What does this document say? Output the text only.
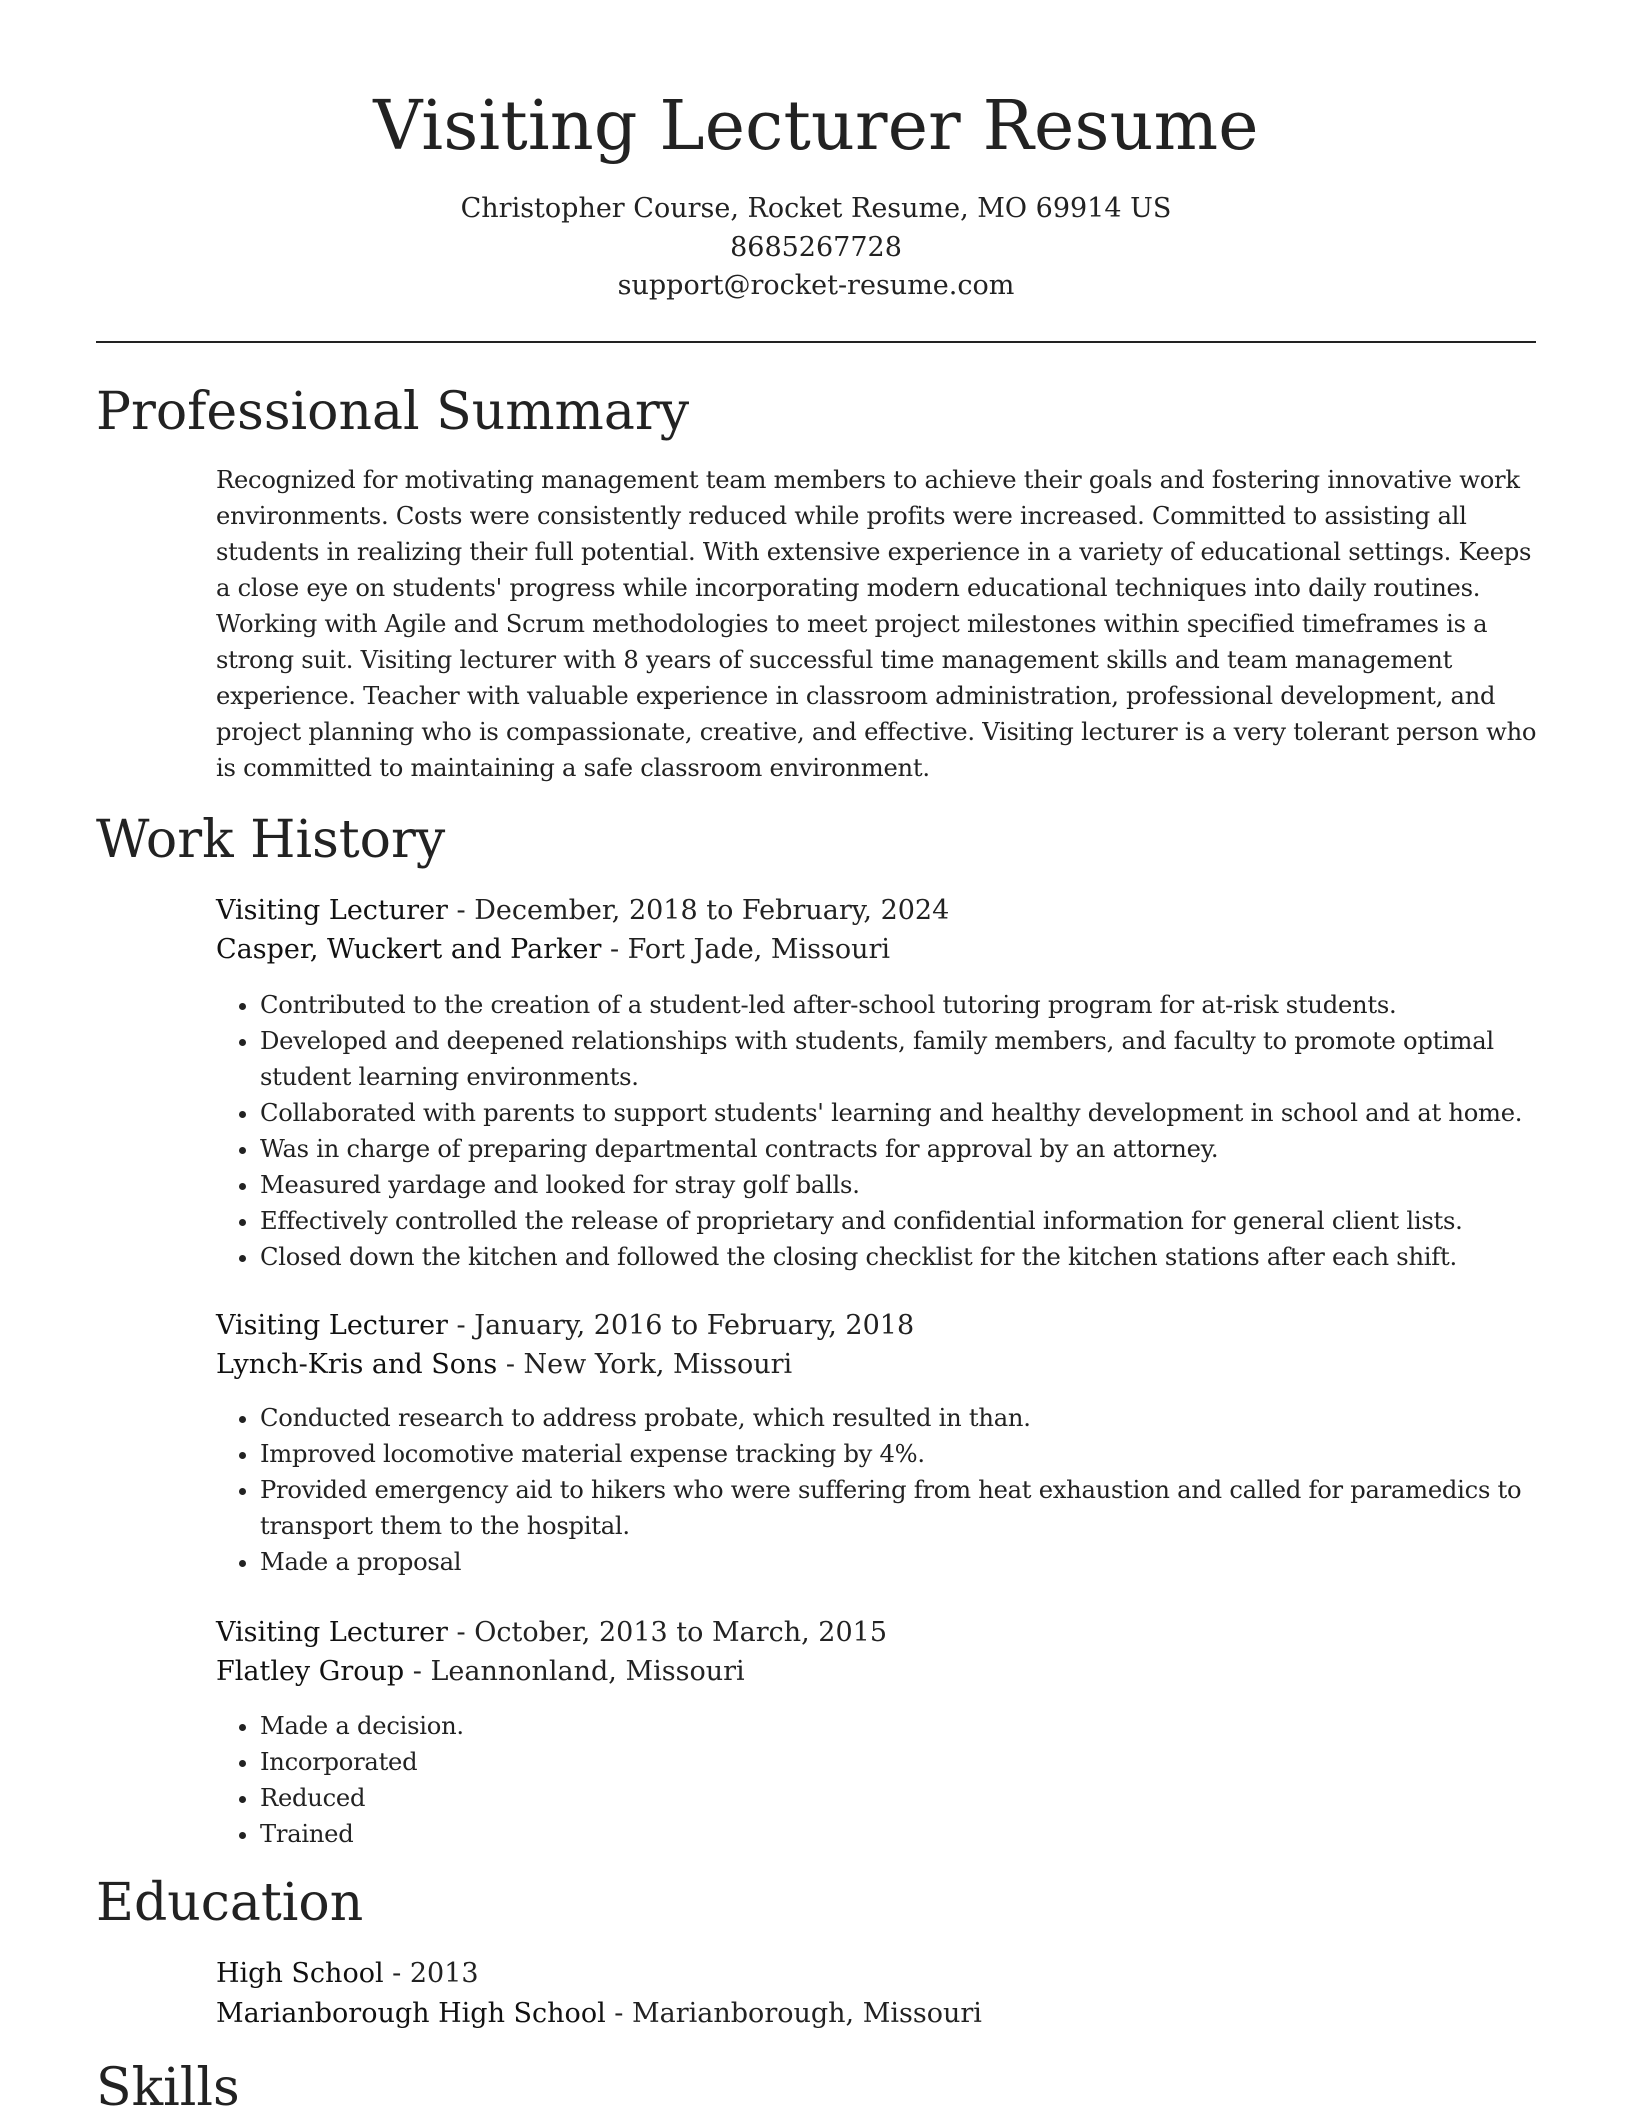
Visiting Lecturer Resume
Christopher Course, Rocket Resume, MO 69914 US
8685267728
support@rocket-resume.com
Professional Summary

Recognized for motivating management team members to achieve their goals and fostering innovative work environments. Costs were consistently reduced while profits were increased. Committed to assisting all students in realizing their full potential. With extensive experience in a variety of educational settings. Keeps a close eye on students' progress while incorporating modern educational techniques into daily routines. Working with Agile and Scrum methodologies to meet project milestones within specified timeframes is a strong suit. Visiting lecturer with 8 years of successful time management skills and team management experience. Teacher with valuable experience in classroom administration, professional development, and project planning who is compassionate, creative, and effective. Visiting lecturer is a very tolerant person who is committed to maintaining a safe classroom environment.

Work History
Visiting Lecturer - December, 2018 to February, 2024
Casper, Wuckert and Parker - Fort Jade, Missouri
• Contributed to the creation of a student-led after-school tutoring program for at-risk students.
• Developed and deepened relationships with students, family members, and faculty to promote optimal student learning environments.
• Collaborated with parents to support students' learning and healthy development in school and at home.
• Was in charge of preparing departmental contracts for approval by an attorney.
• Measured yardage and looked for stray golf balls.
• Effectively controlled the release of proprietary and confidential information for general client lists.
• Closed down the kitchen and followed the closing checklist for the kitchen stations after each shift.
Visiting Lecturer - January, 2016 to February, 2018
Lynch-Kris and Sons - New York, Missouri
• Conducted research to address probate, which resulted in than.
• Improved locomotive material expense tracking by 4%.
• Provided emergency aid to hikers who were suffering from heat exhaustion and called for paramedics to transport them to the hospital.
• Made a proposal
Visiting Lecturer - October, 2013 to March, 2015
Flatley Group - Leannonland, Missouri
• Made a decision.
• Incorporated
• Reduced
• Trained
Education
High School - 2013
Marianborough High School - Marianborough, Missouri
Skills
